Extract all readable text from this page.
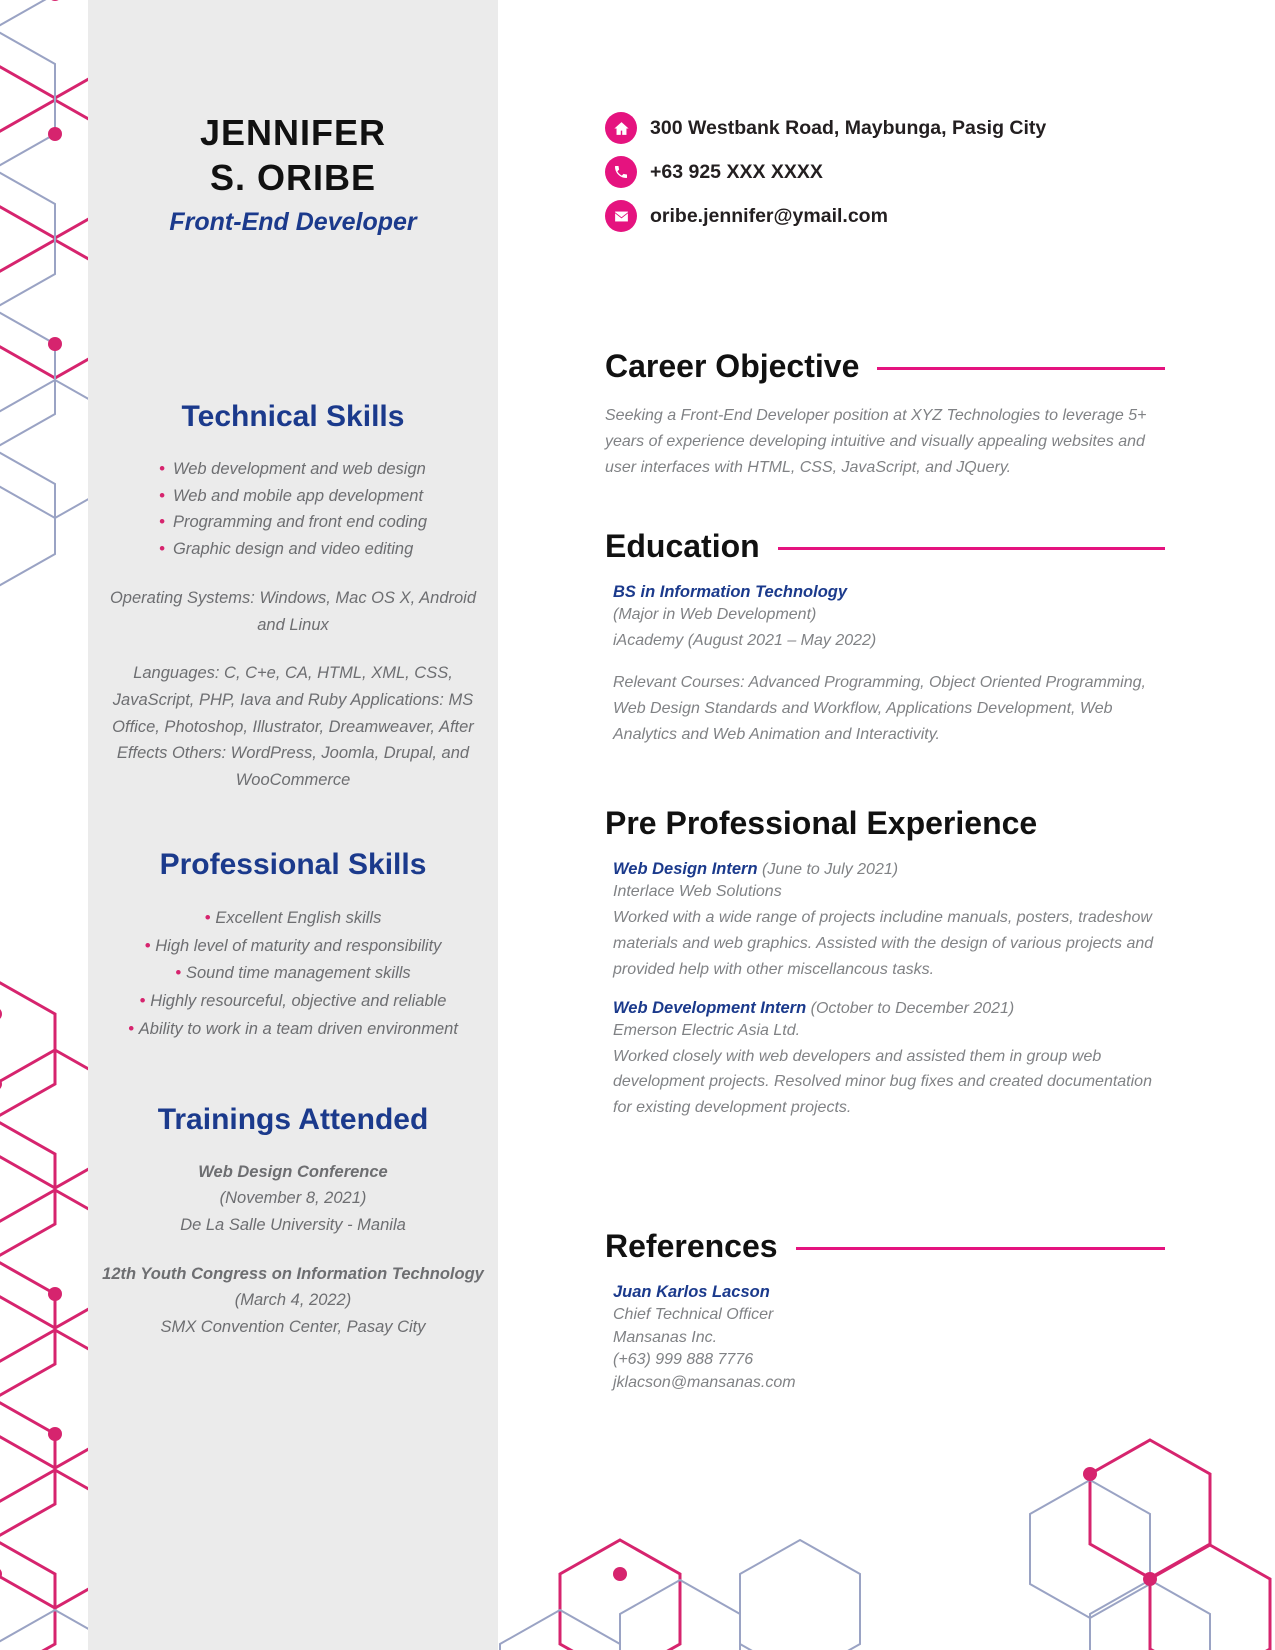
JENNIFER
S. ORIBE
Front-End Developer
Technical Skills
• Web development and web design
• Web and mobile app development
• Programming and front end coding
• Graphic design and video editing
Operating Systems: Windows, Mac OS X, Android and Linux
Languages: C, C+e, CA, HTML, XML, CSS, JavaScript, PHP, Iava and Ruby Applications: MS Office, Photoshop, Illustrator, Dreamweaver, After Effects Others: WordPress, Joomla, Drupal, and WooCommerce
Professional Skills
• Excellent English skills
• High level of maturity and responsibility
• Sound time management skills
• Highly resourceful, objective and reliable
• Ability to work in a team driven environment
Trainings Attended
Web Design Conference
(November 8, 2021)
De La Salle University - Manila
12th Youth Congress on Information Technology (March 4, 2022)
SMX Convention Center, Pasay City
300 Westbank Road, Maybunga, Pasig City
+63 925 XXX XXXX
oribe.jennifer@ymail.com
Career Objective
Seeking a Front-End Developer position at XYZ Technologies to leverage 5+ years of experience developing intuitive and visually appealing websites and user interfaces with HTML, CSS, JavaScript, and JQuery.
Education
BS in Information Technology
(Major in Web Development)
iAcademy (August 2021 – May 2022)
Relevant Courses: Advanced Programming, Object Oriented Programming, Web Design Standards and Workflow, Applications Development, Web Analytics and Web Animation and Interactivity.
Pre Professional Experience
Web Design Intern (June to July 2021)
Interlace Web Solutions
Worked with a wide range of projects includine manuals, posters, tradeshow materials and web graphics. Assisted with the design of various projects and provided help with other miscellancous tasks.
Web Development Intern (October to December 2021)
Emerson Electric Asia Ltd.
Worked closely with web developers and assisted them in group web development projects. Resolved minor bug fixes and created documentation for existing development projects.
References
Juan Karlos Lacson
Chief Technical Officer
Mansanas Inc.
(+63) 999 888 7776
jklacson@mansanas.com
